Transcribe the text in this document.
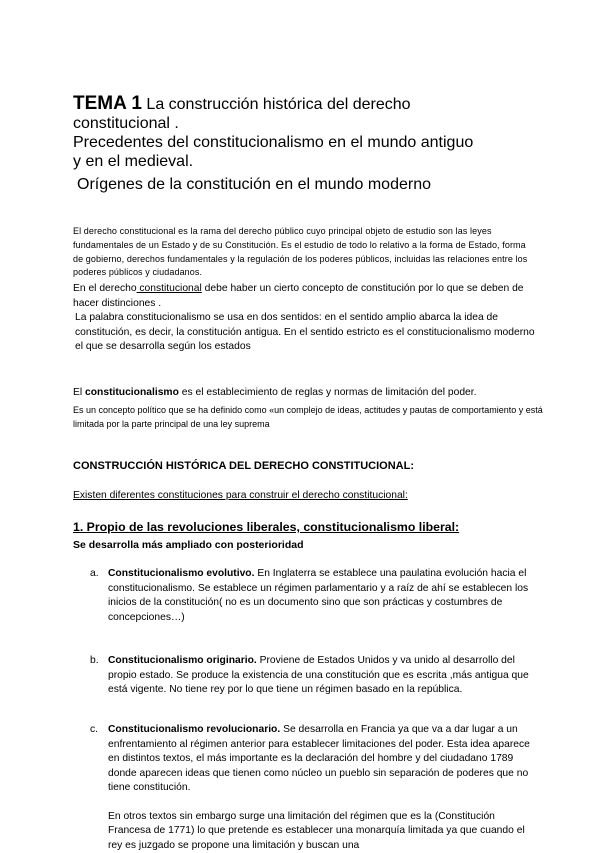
TEMA 1 La construcción histórica del derecho
constitucional .
Precedentes del constitucionalismo en el mundo antiguo
y en el medieval.
Orígenes de la constitución en el mundo moderno
El derecho constitucional es la rama del derecho público cuyo principal objeto de estudio son las leyes fundamentales de un Estado y de su Constitución. Es el estudio de todo lo relativo a la forma de Estado, forma de gobierno, derechos fundamentales y la regulación de los poderes públicos, incluidas las relaciones entre los poderes públicos y ciudadanos.
En el derecho constitucional debe haber un cierto concepto de constitución por lo que se deben de hacer distinciones .
La palabra constitucionalismo se usa en dos sentidos: en el sentido amplio abarca la idea de constitución, es decir, la constitución antigua. En el sentido estricto es el constitucionalismo moderno el que se desarrolla según los estados
El constitucionalismo es el establecimiento de reglas y normas de limitación del poder.
Es un concepto político que se ha definido como «un complejo de ideas, actitudes y pautas de comportamiento y está limitada por la parte principal de una ley suprema
CONSTRUCCIÓN HISTÓRICA DEL DERECHO CONSTITUCIONAL:
Existen diferentes constituciones para construir el derecho constitucional:
1. Propio de las revoluciones liberales, constitucionalismo liberal:
Se desarrolla más ampliado con posterioridad
a. Constitucionalismo evolutivo. En Inglaterra se establece una paulatina evolución hacia el constitucionalismo. Se establece un régimen parlamentario y a raíz de ahí se establecen los inicios de la constitución( no es un documento sino que son prácticas y costumbres de concepciones…)
b. Constitucionalismo originario. Proviene de Estados Unidos y va unido al desarrollo del propio estado. Se produce la existencia de una constitución que es escrita ,más antigua que está vigente. No tiene rey por lo que tiene un régimen basado en la república.
c. Constitucionalismo revolucionario. Se desarrolla en Francia ya que va a dar lugar a un enfrentamiento al régimen anterior para establecer limitaciones del poder. Esta idea aparece en distintos textos, el más importante es la declaración del hombre y del ciudadano 1789 donde aparecen ideas que tienen como núcleo un pueblo sin separación de poderes que no tiene constitución.
En otros textos sin embargo surge una limitación del régimen que es la (Constitución Francesa de 1771) lo que pretende es establecer una monarquía limitada ya que cuando el rey es juzgado se propone una limitación y buscan una
